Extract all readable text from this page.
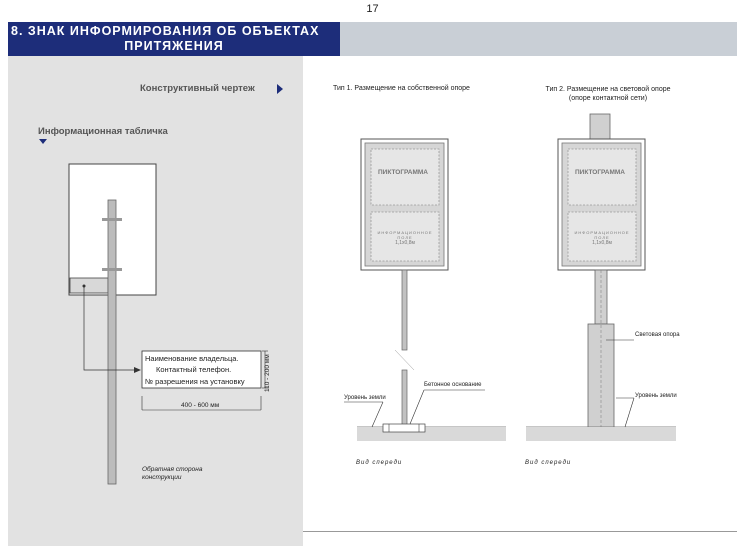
17
8. ЗНАК ИНФОРМИРОВАНИЯ ОБ ОБЪЕКТАХ
ПРИТЯЖЕНИЯ
Конструктивный чертеж
Информационная табличка
Наименование владельца.
Контактный телефон.
№ разрешения на установку	110 - 200 мм
400 - 600 мм
Обратная сторона
конструкции
Тип 1. Размещение на собственной опоре
ПИКТОГРАММА
ИНФОРМАЦИОННОЕ ПОЛЕ
1,1х0,8м
Бетонное основание
Уровень земли
Вид спереди
Тип 2. Размещение на световой опоре
(опоре контактной сети)
ПИКТОГРАММА
ИНФОРМАЦИОННОЕ ПОЛЕ
1,1х0,8м
Световая опора
Уровень земли
Вид спереди
